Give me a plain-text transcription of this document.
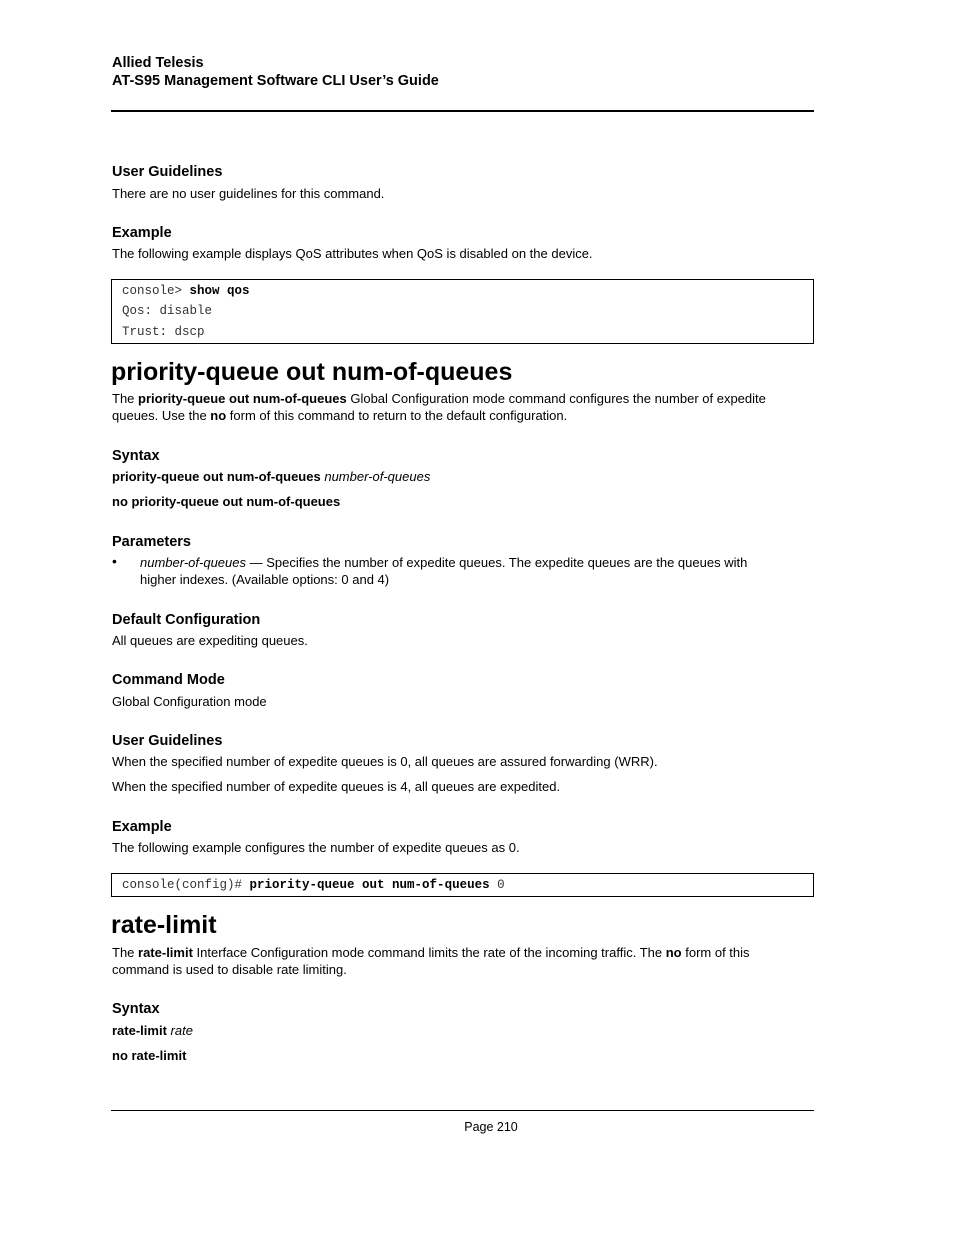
Allied Telesis
AT-S95 Management Software CLI User’s Guide
User Guidelines
There are no user guidelines for this command.
Example
The following example displays QoS attributes when QoS is disabled on the device.
console> show qos
Qos: disable
Trust: dscp
priority-queue out num-of-queues
The priority-queue out num-of-queues Global Configuration mode command configures the number of expedite
queues. Use the no form of this command to return to the default configuration.
Syntax
priority-queue out num-of-queues number-of-queues
no priority-queue out num-of-queues
Parameters
• number-of-queues — Specifies the number of expedite queues. The expedite queues are the queues with
higher indexes. (Available options: 0 and 4)
Default Configuration
All queues are expediting queues.
Command Mode
Global Configuration mode
User Guidelines
When the specified number of expedite queues is 0, all queues are assured forwarding (WRR).
When the specified number of expedite queues is 4, all queues are expedited.
Example
The following example configures the number of expedite queues as 0.
console(config)# priority-queue out num-of-queues 0
rate-limit
The rate-limit Interface Configuration mode command limits the rate of the incoming traffic. The no form of this
command is used to disable rate limiting.
Syntax
rate-limit rate
no rate-limit
Page 210
